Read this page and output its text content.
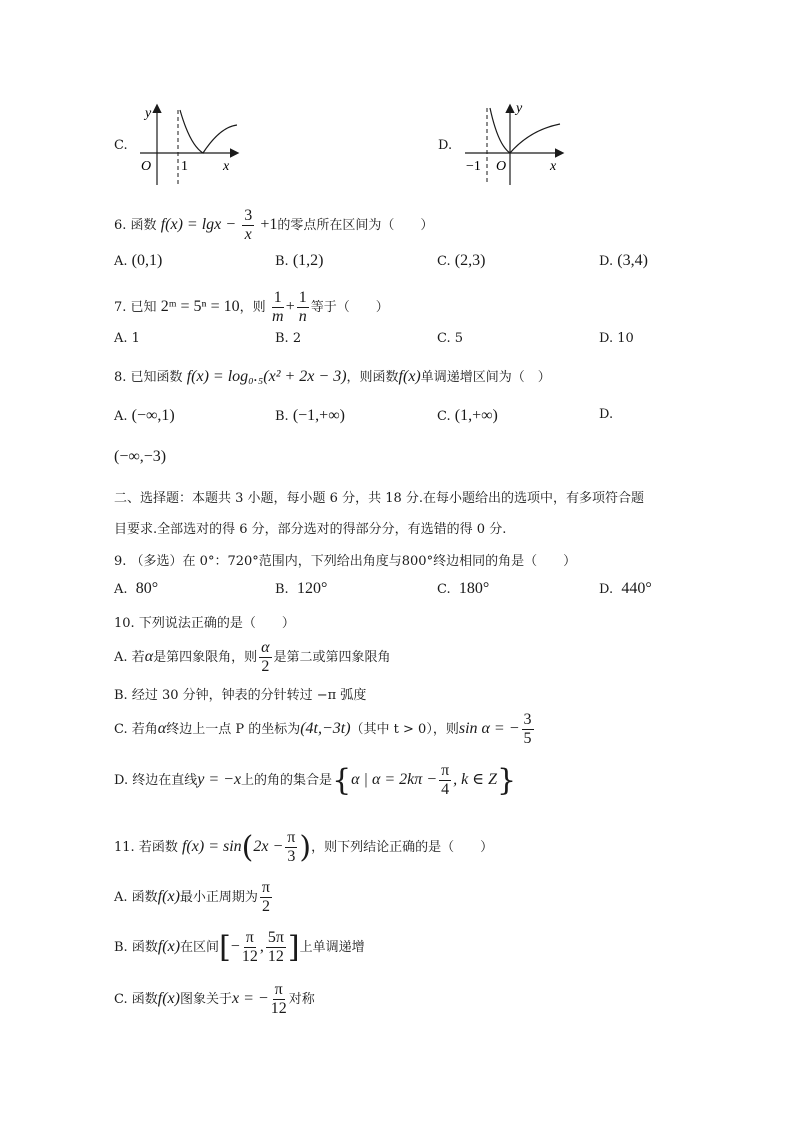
C.
y
x
O 1
D.
y
x
O
−1
6. 函数 $f(x) = \lg x - \frac{3}{x} +1$的零点所在区间为（　　）
A. (0,1)	B. (1,2)	C. (2,3)	D. (3,4)
7. 已知 2ᵐ = 5ⁿ = 10，则 $\frac{1}{m} + \frac{1}{n}$ 等于（　　）
A. 1	B. 2	C. 5	D. 10
8. 已知函数 f(x) = log₀.₅(x² + 2x − 3)，则函数f(x)单调递增区间为（　）
A. (−∞,1)	B. (−1,+∞)	C. (1,+∞)	D.
(−∞,−3)
二、选择题：本题共 3 小题，每小题 6 分，共 18 分.在每小题给出的选项中，有多项符合题
目要求.全部选对的得 6 分，部分选对的得部分分，有选错的得 0 分.
9. （多选）在 0°：720°范围内，下列给出角度与800°终边相同的角是（　　）
A. 80°	B. 120°	C. 180°	D. 440°
10. 下列说法正确的是（　　）
A. 若α是第四象限角，则 $\frac{\alpha}{2}$ 是第二或第四象限角
B. 经过 30 分钟，钟表的分针转过 −π 弧度
C. 若角α终边上一点 P 的坐标为(4t,−3t)（其中 t > 0），则sin α = − $\frac{3}{5}$
D. 终边在直线y = −x上的角的集合是{α | $\alpha = 2k\pi - \frac{\pi}{4}$ , k ∈ Z}
11. 若函数 $f(x) = \sin(2x - \frac{\pi}{3}$ )，则下列结论正确的是（　　）
A. 函数f(x)最小正周期为 $\frac{\pi}{2}$
B. 函数f(x)在区间[− $\frac{\pi}{12}$ , $\frac{5\pi}{12}$ ]上单调递增
C. 函数f(x)图象关于x = − $\frac{\pi}{12}$ 对称
